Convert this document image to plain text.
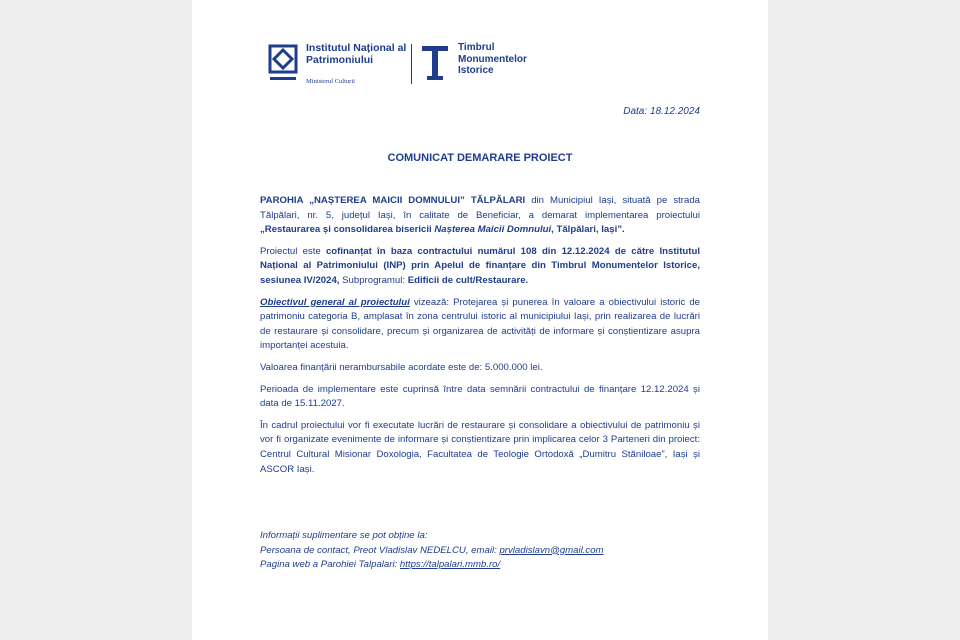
Institutul Național al
Patrimoniului
Ministerul Culturii
Timbrul
Monumentelor
Istorice
Data: 18.12.2024
COMUNICAT DEMARARE PROIECT

PAROHIA „NAȘTEREA MAICII DOMNULUI” TĂLPĂLARI din Municipiul Iași, situată pe strada Tălpălari, nr. 5, județul Iași, în calitate de Beneficiar, a demarat implementarea proiectului „Restaurarea și consolidarea bisericii Nașterea Maicii Domnului, Tălpălari, Iași”.

Proiectul este cofinanțat în baza contractului numărul 108 din 12.12.2024 de către Institutul Național al Patrimoniului (INP) prin Apelul de finanțare din Timbrul Monumentelor Istorice, sesiunea IV/2024, Subprogramul: Edificii de cult/Restaurare.

Obiectivul general al proiectului vizează: Protejarea și punerea în valoare a obiectivului istoric de patrimoniu categoria B, amplasat în zona centrului istoric al municipiului Iași, prin realizarea de lucrări de restaurare și consolidare, precum și organizarea de activități de informare și conștientizare asupra importanței acestuia.

Valoarea finanțării nerambursabile acordate este de: 5.000.000 lei.

Perioada de implementare este cuprinsă între data semnării contractului de finanțare 12.12.2024 și data de 15.11.2027.

În cadrul proiectului vor fi executate lucrări de restaurare și consolidare a obiectivului de patrimoniu și vor fi organizate evenimente de informare și conștientizare prin implicarea celor 3 Parteneri din proiect: Centrul Cultural Misionar Doxologia, Facultatea de Teologie Ortodoxă „Dumitru Stăniloae”, Iași și ASCOR Iași.

Informații suplimentare se pot obține la:
Persoana de contact, Preot Vladislav NEDELCU, email: prvladislavn@gmail.com
Pagina web a Parohiei Talpalari: https://talpalari.mmb.ro/
